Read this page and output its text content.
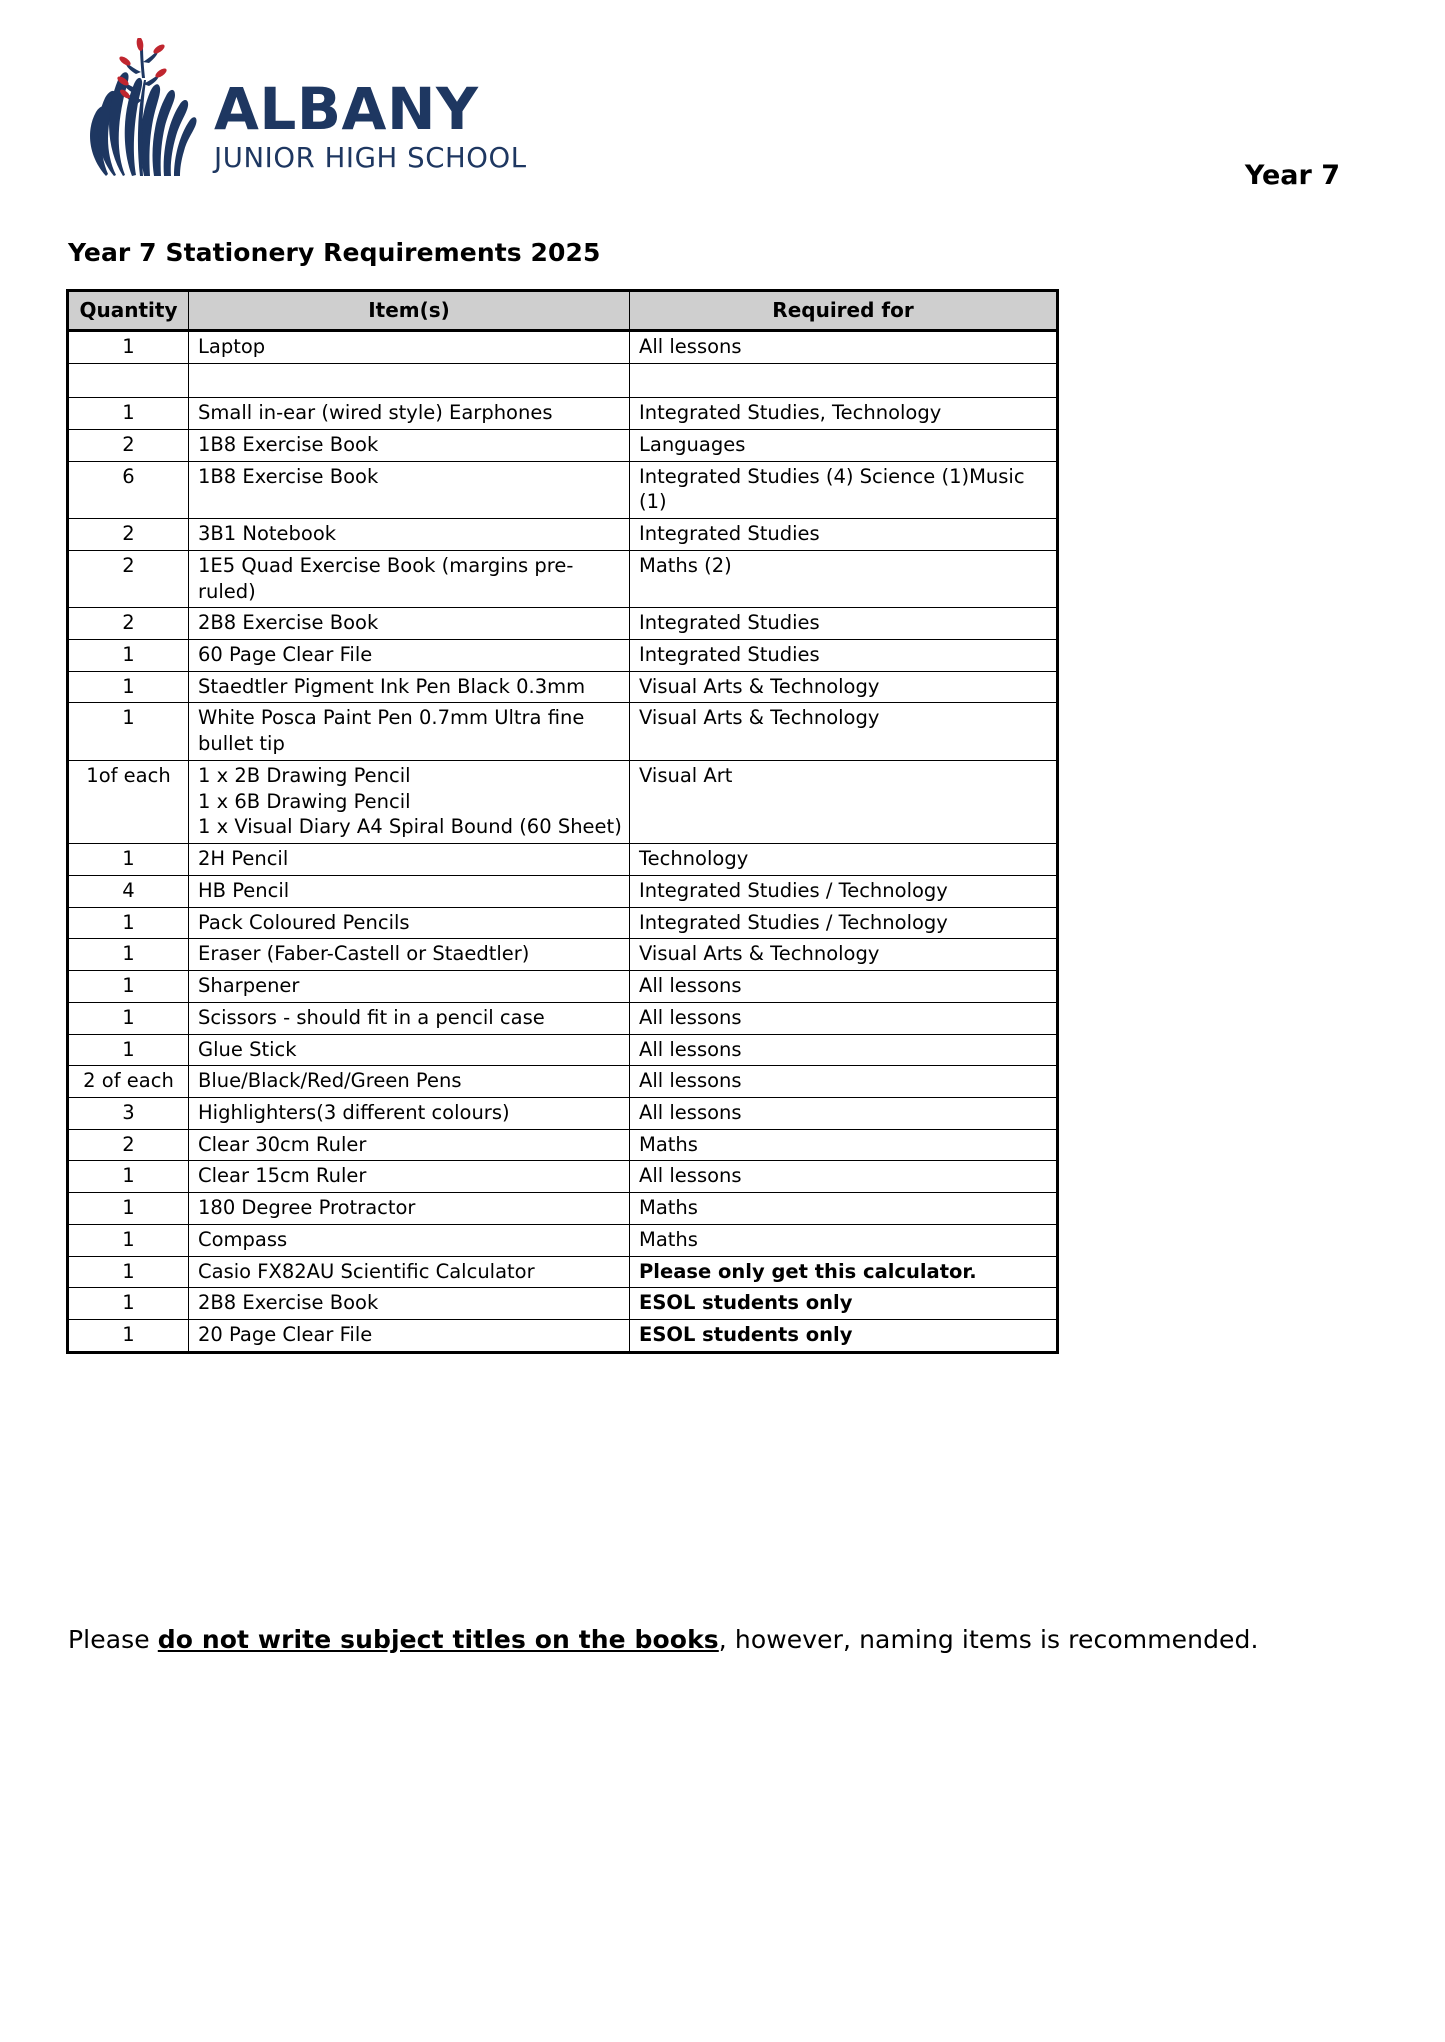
ALBANY
JUNIOR HIGH SCHOOL
Year 7
Year 7 Stationery Requirements 2025
Quantity	Item(s)	Required for
1	Laptop	All lessons

1	Small in-ear (wired style) Earphones	Integrated Studies, Technology
2	1B8 Exercise Book	Languages
6	1B8 Exercise Book	Integrated Studies (4) Science (1)Music (1)
2	3B1 Notebook	Integrated Studies
2	1E5 Quad Exercise Book (margins pre-ruled)	Maths (2)
2	2B8 Exercise Book	Integrated Studies
1	60 Page Clear File	Integrated Studies
1	Staedtler Pigment Ink Pen Black 0.3mm	Visual Arts & Technology
1	White Posca Paint Pen 0.7mm Ultra fine bullet tip	Visual Arts & Technology
1of each	1 x 2B Drawing Pencil
1 x 6B Drawing Pencil
1 x Visual Diary A4 Spiral Bound (60 Sheet)	Visual Art
1	2H Pencil	Technology
4	HB Pencil	Integrated Studies / Technology
1	Pack Coloured Pencils	Integrated Studies / Technology
1	Eraser (Faber-Castell or Staedtler)	Visual Arts & Technology
1	Sharpener	All lessons
1	Scissors - should fit in a pencil case	All lessons
1	Glue Stick	All lessons
2 of each	Blue/Black/Red/Green Pens	All lessons
3	Highlighters(3 different colours)	All lessons
2	Clear 30cm Ruler	Maths
1	Clear 15cm Ruler	All lessons
1	180 Degree Protractor	Maths
1	Compass	Maths
1	Casio FX82AU Scientific Calculator	Please only get this calculator.
1	2B8 Exercise Book	ESOL students only
1	20 Page Clear File	ESOL students only
Please do not write subject titles on the books, however, naming items is recommended.
